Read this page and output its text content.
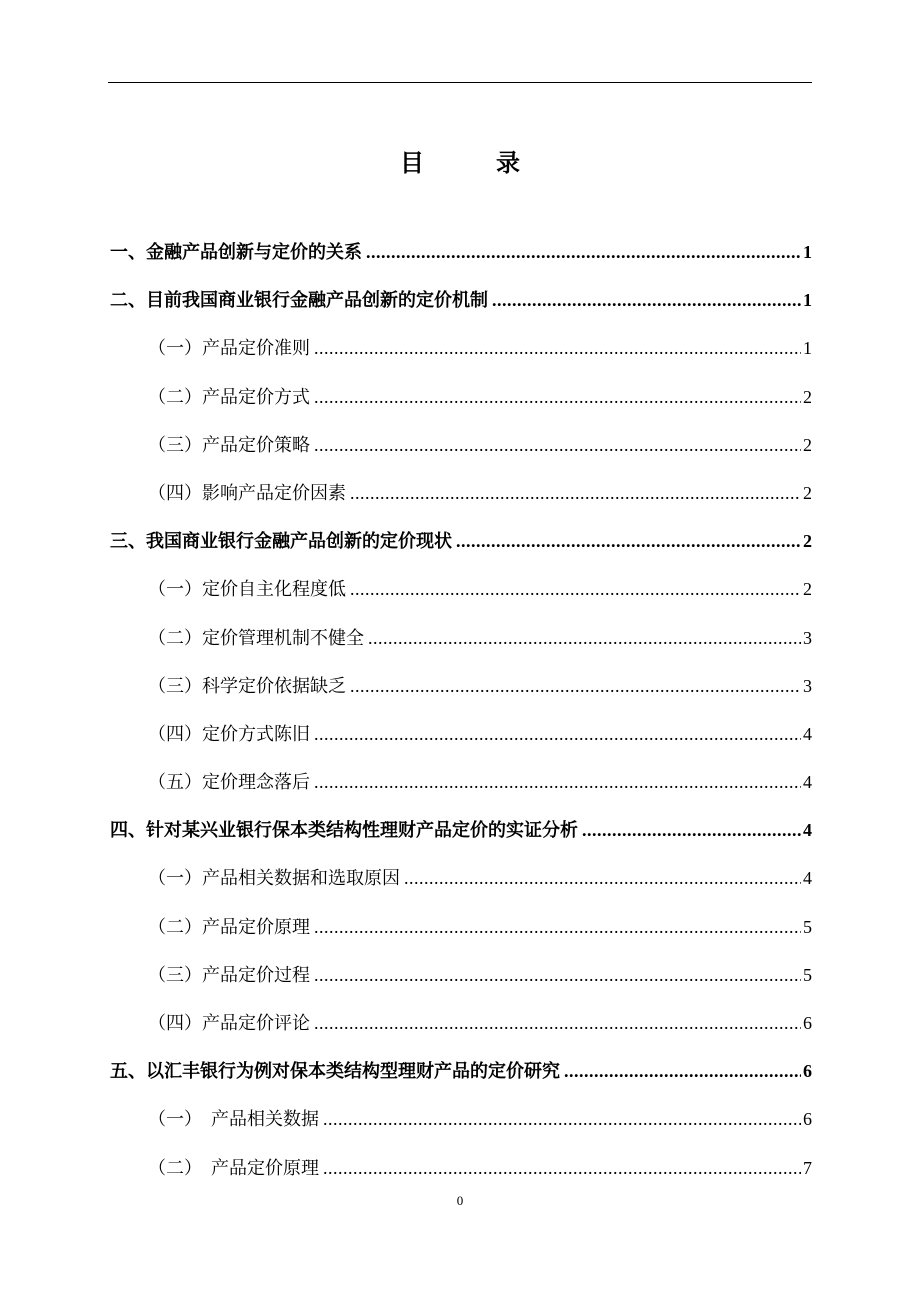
目　录
一、金融产品创新与定价的关系 .....	1
二、目前我国商业银行金融产品创新的定价机制 .....	1
（一）产品定价准则 .....	1
（二）产品定价方式 .....	2
（三）产品定价策略 .....	2
（四）影响产品定价因素 .....	2
三、我国商业银行金融产品创新的定价现状 .....	2
（一）定价自主化程度低 .....	2
（二）定价管理机制不健全 .....	3
（三）科学定价依据缺乏 .....	3
（四）定价方式陈旧 .....	4
（五）定价理念落后 .....	4
四、针对某兴业银行保本类结构性理财产品定价的实证分析 .....	4
（一）产品相关数据和选取原因 .....	4
（二）产品定价原理 .....	5
（三）产品定价过程 .....	5
（四）产品定价评论 .....	6
五、以汇丰银行为例对保本类结构型理财产品的定价研究 .....	6
（一）　产品相关数据 .....	6
（二）　产品定价原理 .....	7
0
